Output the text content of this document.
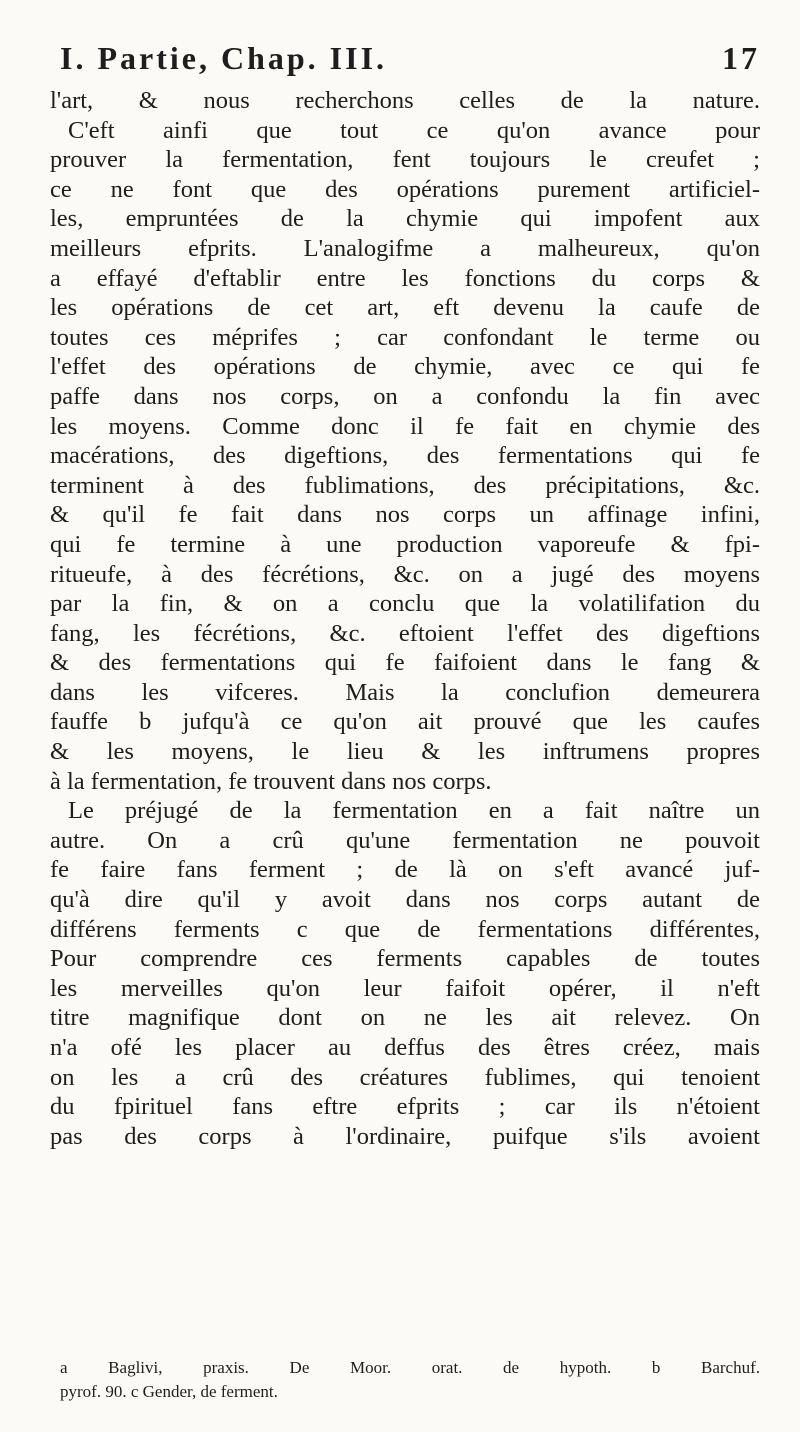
I. Partie, Chap. III.	17
l'art, & nous recherchons celles de la nature.
C'eft ainfi que tout ce qu'on avance pour
prouver la fermentation, fent toujours le creufet ;
ce ne font que des opérations purement artificiel-
les, empruntées de la chymie qui impofent aux
meilleurs efprits. L'analogifme a malheureux, qu'on
a effayé d'eftablir entre les fonctions du corps &
les opérations de cet art, eft devenu la caufe de
toutes ces méprifes ; car confondant le terme ou
l'effet des opérations de chymie, avec ce qui fe
paffe dans nos corps, on a confondu la fin avec
les moyens. Comme donc il fe fait en chymie des
macérations, des digeftions, des fermentations qui fe
terminent à des fublimations, des précipitations, &c.
& qu'il fe fait dans nos corps un affinage infini,
qui fe termine à une production vaporeufe & fpi-
ritueufe, à des fécrétions, &c. on a jugé des moyens
par la fin, & on a conclu que la volatilifation du
fang, les fécrétions, &c. eftoient l'effet des digeftions
& des fermentations qui fe faifoient dans le fang &
dans les vifceres. Mais la conclufion demeurera
fauffe b jufqu'à ce qu'on ait prouvé que les caufes
& les moyens, le lieu & les inftrumens propres
à la fermentation, fe trouvent dans nos corps.
Le préjugé de la fermentation en a fait naître un
autre. On a crû qu'une fermentation ne pouvoit
fe faire fans ferment ; de là on s'eft avancé juf-
qu'à dire qu'il y avoit dans nos corps autant de
différens ferments c que de fermentations différentes,
Pour comprendre ces ferments capables de toutes
les merveilles qu'on leur faifoit opérer, il n'eft
titre magnifique dont on ne les ait relevez. On
n'a ofé les placer au deffus des êtres créez, mais
on les a crû des créatures fublimes, qui tenoient
du fpirituel fans eftre efprits ; car ils n'étoient
pas des corps à l'ordinaire, puifque s'ils avoient
a Baglivi, praxis. De Moor. orat. de hypoth. b Barchuf.
pyrof. 90. c Gender, de ferment.
